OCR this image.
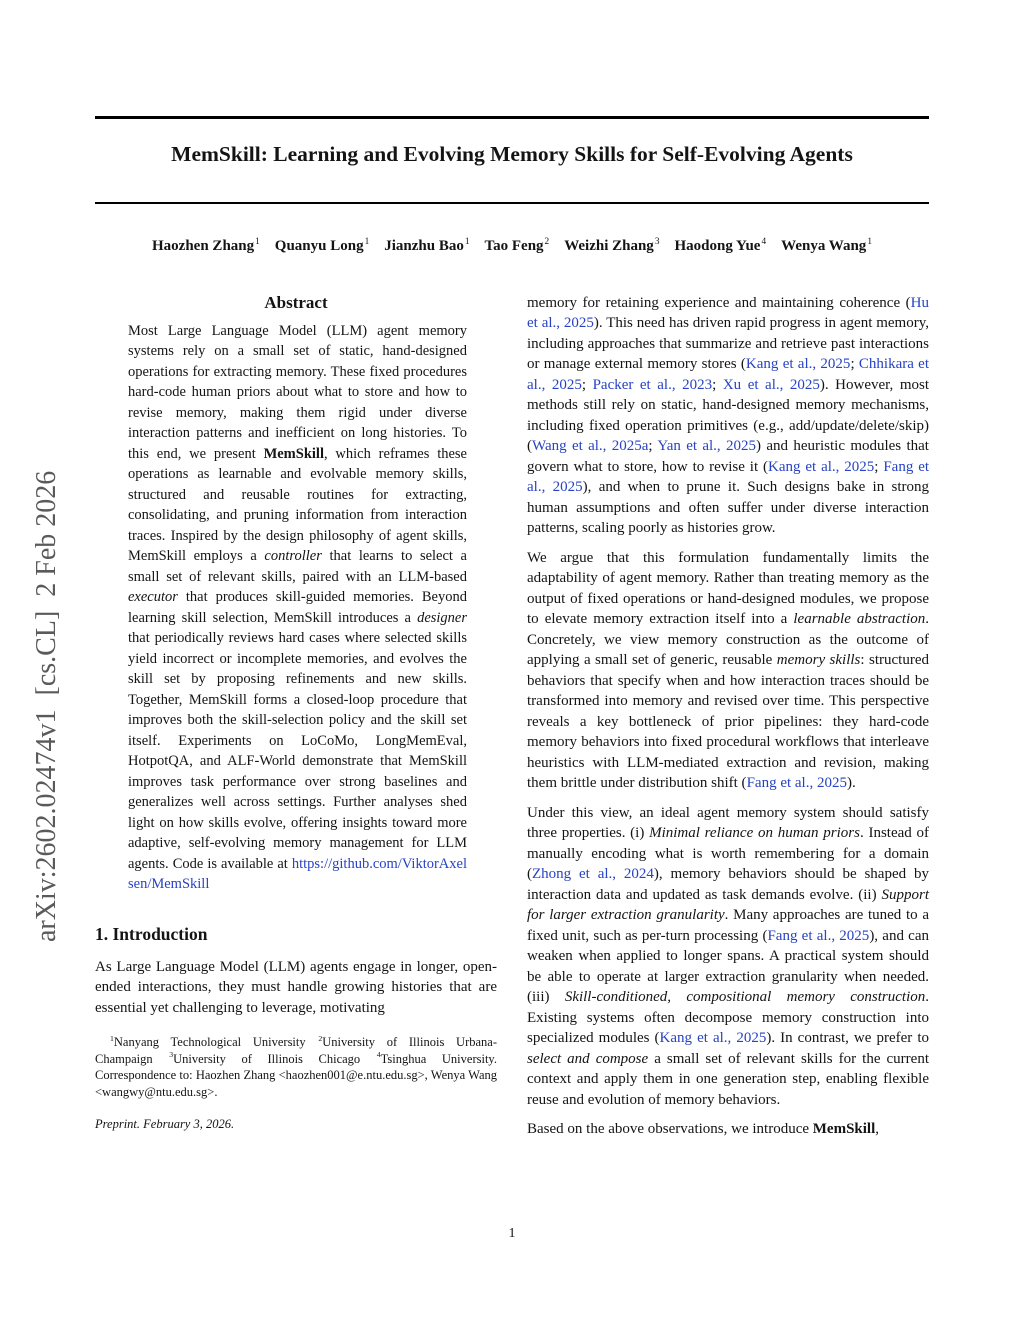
arXiv:2602.02474v1  [cs.CL]  2 Feb 2026
MemSkill: Learning and Evolving Memory Skills for Self-Evolving Agents
Haozhen Zhang$^1$  Quanyu Long$^1$  Jianzhu Bao$^1$  Tao Feng$^2$  Weizhi Zhang$^3$  Haodong Yue$^4$  Wenya Wang$^1$
Abstract

Most Large Language Model (LLM) agent memory systems rely on a small set of static, hand-designed operations for extracting memory. These fixed procedures hard-code human priors about what to store and how to revise memory, making them rigid under diverse interaction patterns and inefficient on long histories. To this end, we present MemSkill, which reframes these operations as learnable and evolvable memory skills, structured and reusable routines for extracting, consolidating, and pruning information from interaction traces. Inspired by the design philosophy of agent skills, MemSkill employs a controller that learns to select a small set of relevant skills, paired with an LLM-based executor that produces skill-guided memories. Beyond learning skill selection, MemSkill introduces a designer that periodically reviews hard cases where selected skills yield incorrect or incomplete memories, and evolves the skill set by proposing refinements and new skills. Together, MemSkill forms a closed-loop procedure that improves both the skill-selection policy and the skill set itself. Experiments on LoCoMo, LongMemEval, HotpotQA, and ALF-World demonstrate that MemSkill improves task performance over strong baselines and generalizes well across settings. Further analyses shed light on how skills evolve, offering insights toward more adaptive, self-evolving memory management for LLM agents. Code is available at https://github.com/ViktorAxelsen/MemSkill

1. Introduction

As Large Language Model (LLM) agents engage in longer, open-ended interactions, they must handle growing histories that are essential yet challenging to leverage, motivating

$^1$Nanyang Technological University $^2$University of Illinois Urbana-Champaign $^3$University of Illinois Chicago $^4$Tsinghua University. Correspondence to: Haozhen Zhang <haozhen001@e.ntu.edu.sg>, Wenya Wang <wangwy@ntu.edu.sg>.

Preprint. February 3, 2026.

memory for retaining experience and maintaining coherence (Hu et al., 2025). This need has driven rapid progress in agent memory, including approaches that summarize and retrieve past interactions or manage external memory stores (Kang et al., 2025; Chhikara et al., 2025; Packer et al., 2023; Xu et al., 2025). However, most methods still rely on static, hand-designed memory mechanisms, including fixed operation primitives (e.g., add/update/delete/skip) (Wang et al., 2025a; Yan et al., 2025) and heuristic modules that govern what to store, how to revise it (Kang et al., 2025; Fang et al., 2025), and when to prune it. Such designs bake in strong human assumptions and often suffer under diverse interaction patterns, scaling poorly as histories grow.

We argue that this formulation fundamentally limits the adaptability of agent memory. Rather than treating memory as the output of fixed operations or hand-designed modules, we propose to elevate memory extraction itself into a learnable abstraction. Concretely, we view memory construction as the outcome of applying a small set of generic, reusable memory skills: structured behaviors that specify when and how interaction traces should be transformed into memory and revised over time. This perspective reveals a key bottleneck of prior pipelines: they hard-code memory behaviors into fixed procedural workflows that interleave heuristics with LLM-mediated extraction and revision, making them brittle under distribution shift (Fang et al., 2025).

Under this view, an ideal agent memory system should satisfy three properties. (i) Minimal reliance on human priors. Instead of manually encoding what is worth remembering for a domain (Zhong et al., 2024), memory behaviors should be shaped by interaction data and updated as task demands evolve. (ii) Support for larger extraction granularity. Many approaches are tuned to a fixed unit, such as per-turn processing (Fang et al., 2025), and can weaken when applied to longer spans. A practical system should be able to operate at larger extraction granularity when needed. (iii) Skill-conditioned, compositional memory construction. Existing systems often decompose memory construction into specialized modules (Kang et al., 2025). In contrast, we prefer to select and compose a small set of relevant skills for the current context and apply them in one generation step, enabling flexible reuse and evolution of memory behaviors.

Based on the above observations, we introduce MemSkill,

1
